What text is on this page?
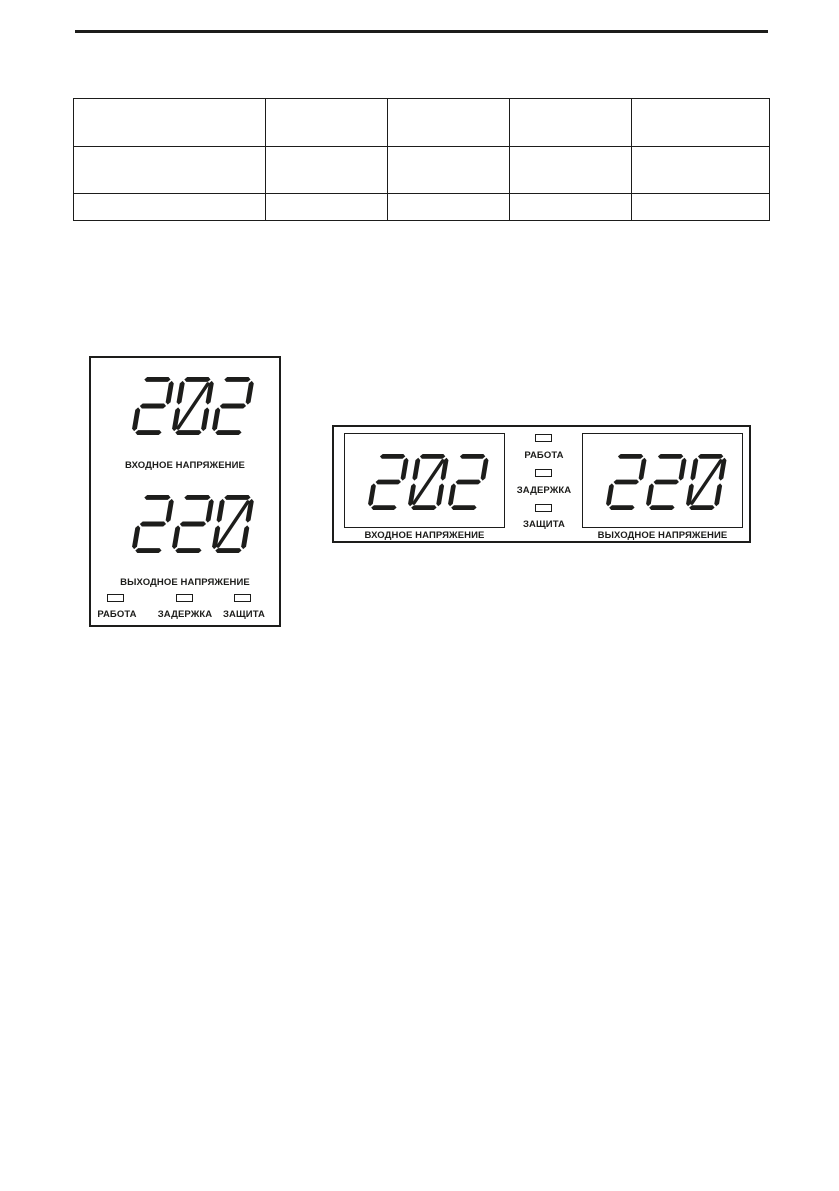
ВХОДНОЕ НАПРЯЖЕНИЕ
ВЫХОДНОЕ НАПРЯЖЕНИЕ
РАБОТА ЗАДЕРЖКА ЗАЩИТА
ВХОДНОЕ НАПРЯЖЕНИЕ
РАБОТА
ЗАДЕРЖКА
ЗАЩИТА
ВЫХОДНОЕ НАПРЯЖЕНИЕ
